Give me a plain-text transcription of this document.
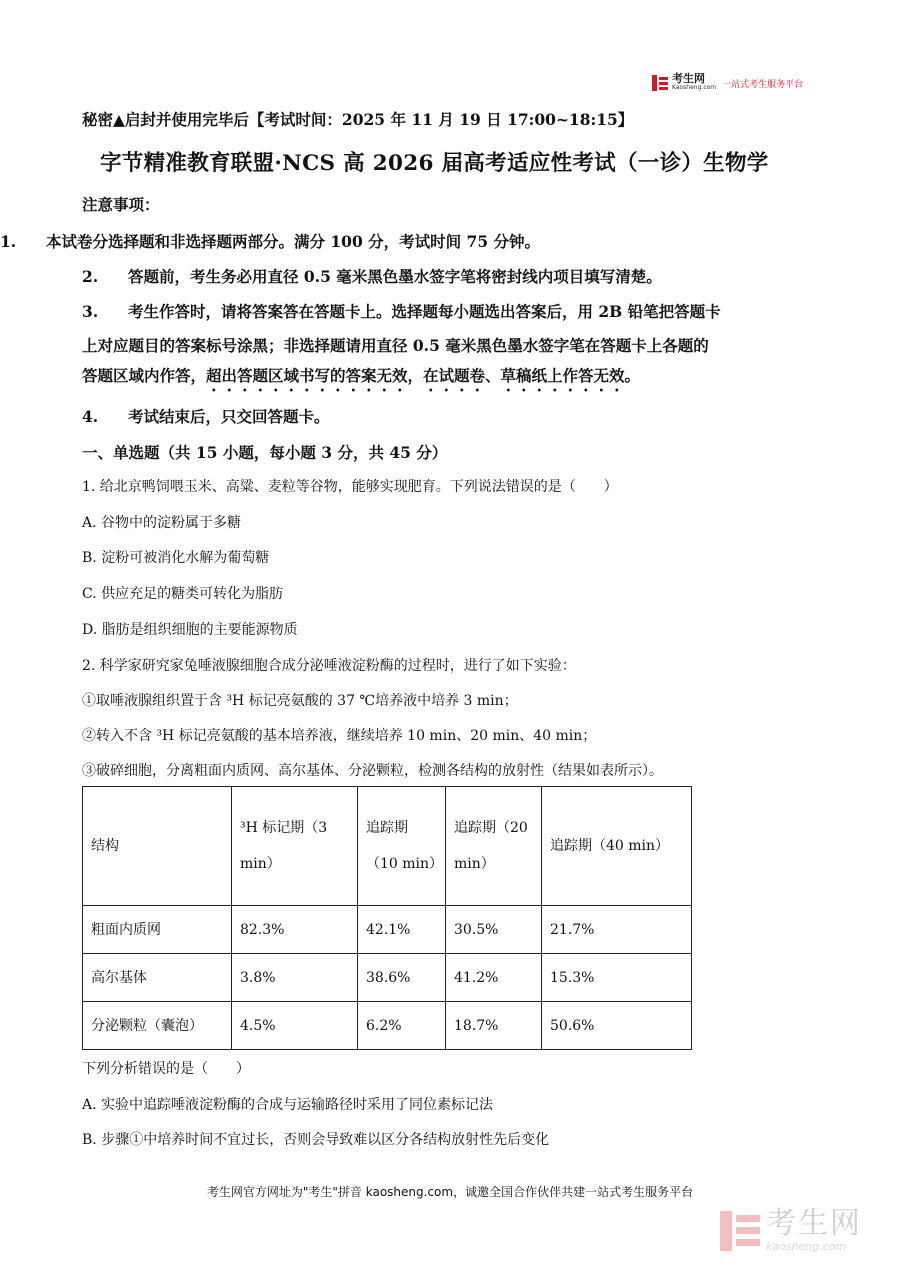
考生网
Kaosheng.com 一站式考生服务平台
秘密▲启封并使用完毕后【考试时间：2025 年 11 月 19 日 17:00~18:15】
字节精准教育联盟·NCS 高 2026 届高考适应性考试（一诊）生物学
注意事项：
1. 本试卷分选择题和非选择题两部分。满分 100 分，考试时间 75 分钟。
2. 答题前，考生务必用直径 0.5 毫米黑色墨水签字笔将密封线内项目填写清楚。
3. 考生作答时，请将答案答在答题卡上。选择题每小题选出答案后，用 2B 铅笔把答题卡
上对应题目的答案标号涂黑；非选择题请用直径 0.5 毫米黑色墨水签字笔在答题卡上各题的
答题区域内作答，超出答题区域书写的答案无效，在试题卷、草稿纸上作答无效。
4. 考试结束后，只交回答题卡。
一、单选题（共 15 小题，每小题 3 分，共 45 分）
1. 给北京鸭饲喂玉米、高粱、麦粒等谷物，能够实现肥育。下列说法错误的是（　　）
A. 谷物中的淀粉属于多糖
B. 淀粉可被消化水解为葡萄糖
C. 供应充足的糖类可转化为脂肪
D. 脂肪是组织细胞的主要能源物质
2. 科学家研究家兔唾液腺细胞合成分泌唾液淀粉酶的过程时，进行了如下实验：
①取唾液腺组织置于含 ³H 标记亮氨酸的 37 ℃培养液中培养 3 min；
②转入不含 ³H 标记亮氨酸的基本培养液，继续培养 10 min、20 min、40 min；
③破碎细胞，分离粗面内质网、高尔基体、分泌颗粒，检测各结构的放射性（结果如表所示）。
结构	³H 标记期（3 min）	追踪期（10 min）	追踪期（20 min）	追踪期（40 min）
粗面内质网	82.3%	42.1%	30.5%	21.7%
高尔基体	3.8%	38.6%	41.2%	15.3%
分泌颗粒（囊泡）	4.5%	6.2%	18.7%	50.6%
下列分析错误的是（　　）
A. 实验中追踪唾液淀粉酶的合成与运输路径时采用了同位素标记法
B. 步骤①中培养时间不宜过长，否则会导致难以区分各结构放射性先后变化
考生网官方网址为"考生"拼音 kaosheng.com，诚邀全国合作伙伴共建一站式考生服务平台
考生网
kaosheng.com
